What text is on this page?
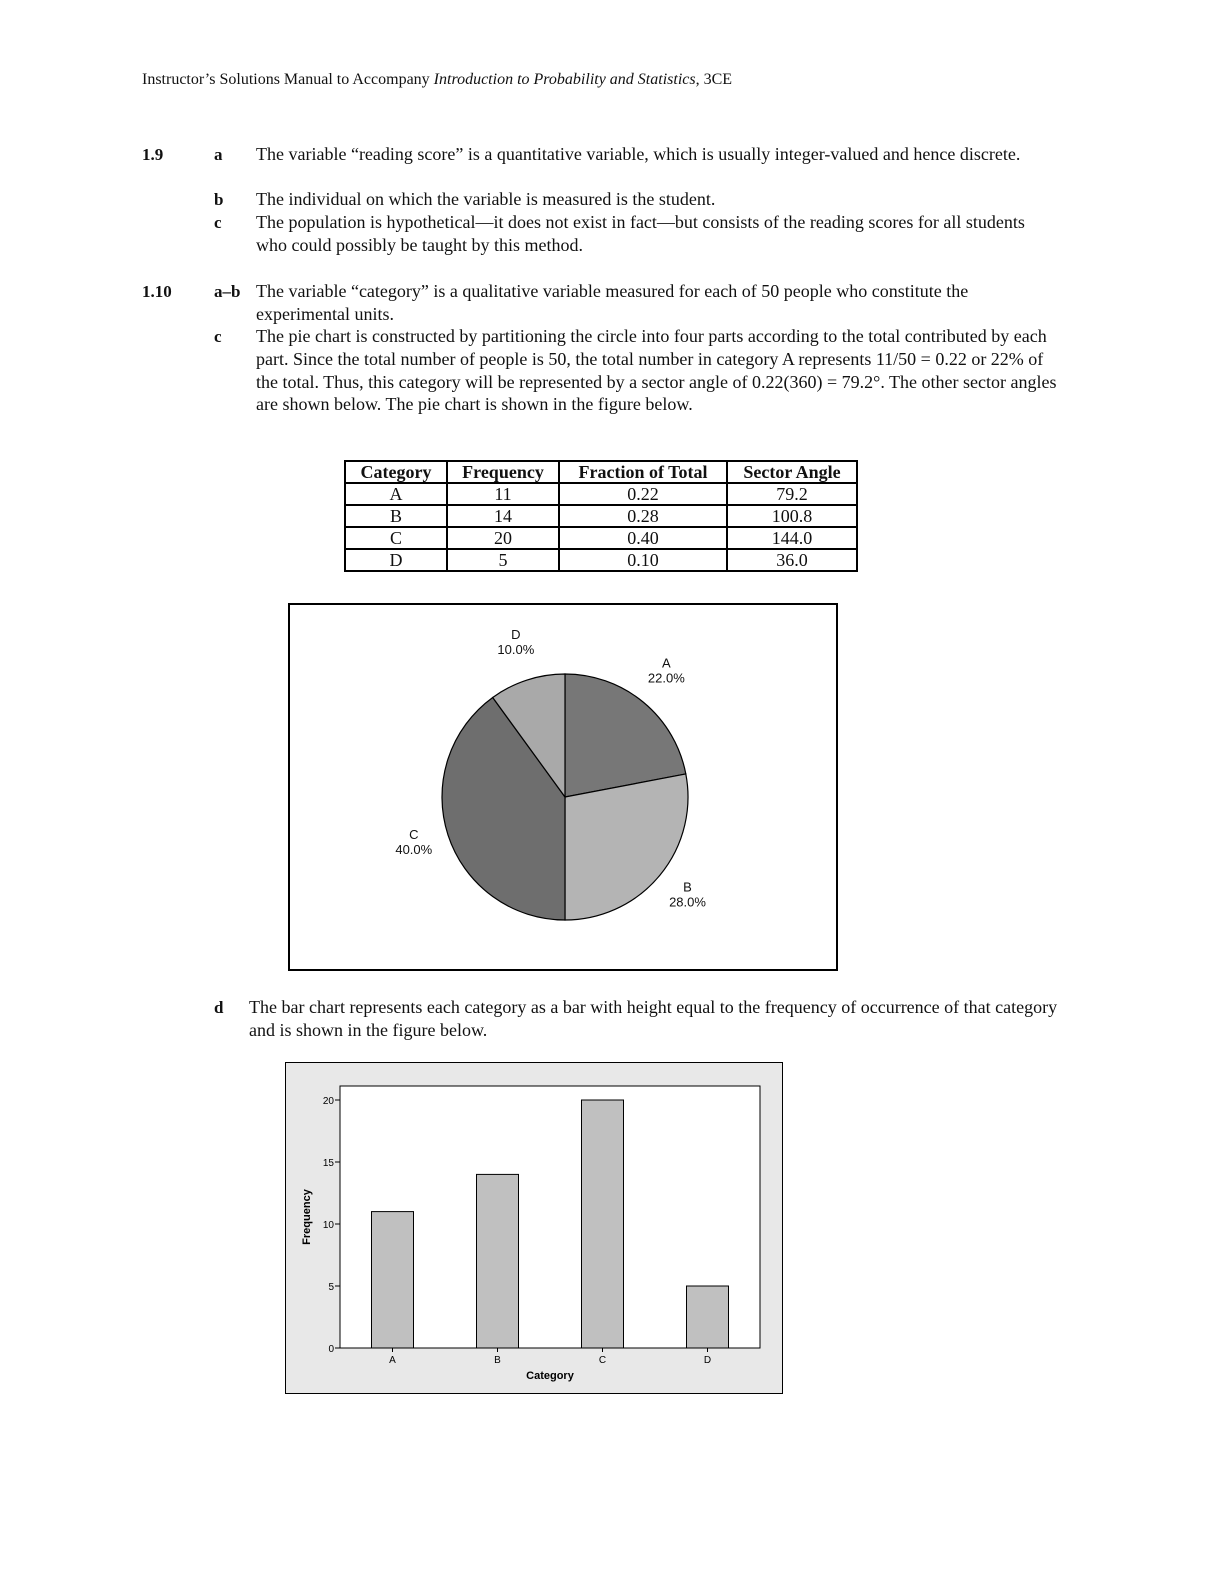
Instructor’s Solutions Manual to Accompany Introduction to Probability and Statistics, 3CE
1.9	a The variable “reading score” is a quantitative variable, which is usually integer-valued and hence discrete.
b The individual on which the variable is measured is the student.
c The population is hypothetical—it does not exist in fact—but consists of the reading scores for all students who could possibly be taught by this method.
1.10 a–b The variable “category” is a qualitative variable measured for each of 50 people who constitute the experimental units.
c The pie chart is constructed by partitioning the circle into four parts according to the total contributed by each part. Since the total number of people is 50, the total number in category A represents 11/50 = 0.22 or 22% of the total. Thus, this category will be represented by a sector angle of 0.22(360) = 79.2°. The other sector angles are shown below. The pie chart is shown in the figure below.
Category	Frequency	Fraction of Total	Sector Angle
A	11	0.22	79.2
B	14	0.28	100.8
C	20	0.40	144.0
D	5	0.10	36.0
A
22.0%
B
28.0%
C
40.0%
D
10.0%
d The bar chart represents each category as a bar with height equal to the frequency of occurrence of that category and is shown in the figure below.
0
5
10
15
20
A	B	C	D
Category
Frequency
